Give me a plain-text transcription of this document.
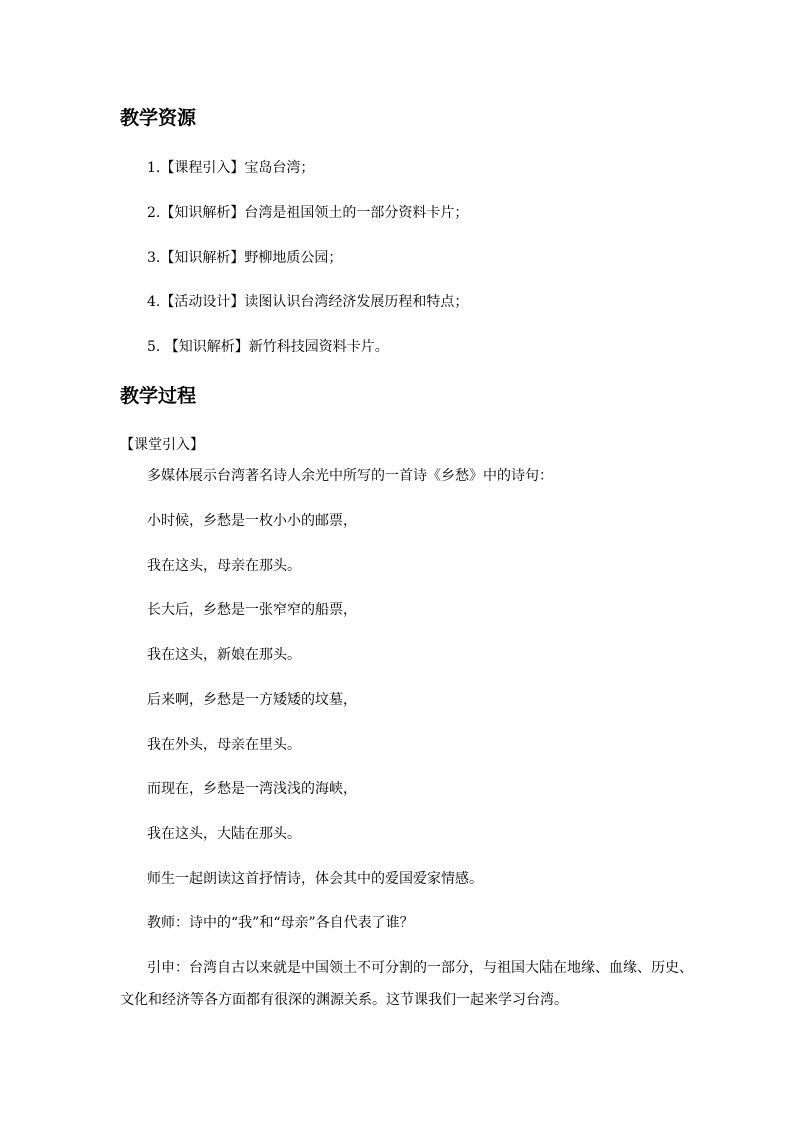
教学资源
1.【课程引入】宝岛台湾；
2.【知识解析】台湾是祖国领土的一部分资料卡片；
3.【知识解析】野柳地质公园；
4.【活动设计】读图认识台湾经济发展历程和特点；
5. 【知识解析】新竹科技园资料卡片。
教学过程
【课堂引入】
多媒体展示台湾著名诗人余光中所写的一首诗《乡愁》中的诗句：
小时候，乡愁是一枚小小的邮票，
我在这头，母亲在那头。
长大后，乡愁是一张窄窄的船票，
我在这头，新娘在那头。
后来啊，乡愁是一方矮矮的坟墓，
我在外头，母亲在里头。
而现在，乡愁是一湾浅浅的海峡，
我在这头，大陆在那头。
师生一起朗读这首抒情诗，体会其中的爱国爱家情感。
教师：诗中的“我”和“母亲”各自代表了谁？
引申：台湾自古以来就是中国领土不可分割的一部分，与祖国大陆在地缘、血缘、历史、
文化和经济等各方面都有很深的渊源关系。这节课我们一起来学习台湾。
